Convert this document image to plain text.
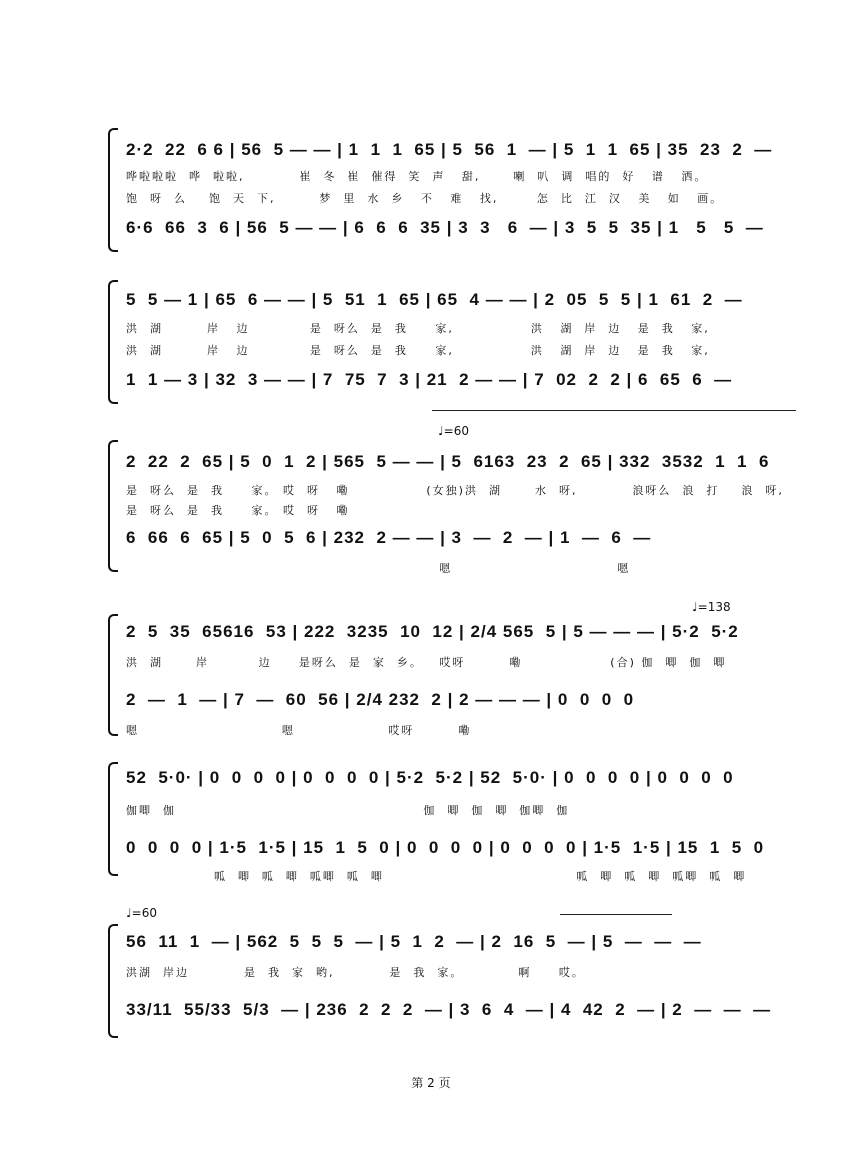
2·2  22  6 6 | 56  5 — — | 1  1  1  65 | 5  56  1  — | 5  1  1  65 | 35  23  2  —
哗啦啦啦  哗  啦啦,          崔  冬  崔  催得  笑  声   甜,      喇  叭  调  唱的  好   谱   洒。
饱  呀  么    饱  天  下,        梦  里  水  乡   不   难   找,       怎  比  江  汉   美   如   画。
6·6  66  3  6 | 56  5 — — | 6  6  6  35 | 3  3   6  — | 3  5  5  35 | 1   5   5  —
5  5 — 1 | 65  6 — — | 5  51  1  65 | 65  4 — — | 2  05  5  5 | 1  61  2  —
洪  湖        岸   边           是  呀么  是  我     家,              洪   湖  岸  边   是  我   家,
洪  湖        岸   边           是  呀么  是  我     家,              洪   湖  岸  边   是  我   家,
1  1 — 3 | 32  3 — — | 7  75  7  3 | 21  2 — — | 7  02  2  2 | 6  65  6  —
♩=60
2  22  2  65 | 5  0  1  2 | 565  5 — — | 5  6163  23  2  65 | 332  3532  1  1  6
是  呀么  是  我     家。 哎  呀   嘞              (女独)洪  湖      水  呀,          浪呀么  浪  打    浪  呀,
是  呀么  是  我     家。 哎  呀   嘞
6  66  6  65 | 5  0  5  6 | 232  2 — — | 3  —  2  — | 1  —  6  —
嗯                              嗯
♩=138
2  5  35  65616  53 | 222  3235  10  12 | 2/4 565  5 | 5 — — — | 5·2  5·2
洪  湖      岸         边     是呀么  是  家  乡。   哎呀        嘞                (合) 伽  唧  伽  唧
2  —  1  — | 7  —  60  56 | 2/4 232  2 | 2 — — — | 0  0  0  0
嗯                          嗯                 哎呀        嘞
52  5·0· | 0  0  0  0 | 0  0  0  0 | 5·2  5·2 | 52  5·0· | 0  0  0  0 | 0  0  0  0
伽唧  伽                                             伽  唧  伽  唧  伽唧  伽
0  0  0  0 | 1·5  1·5 | 15  1  5  0 | 0  0  0  0 | 0  0  0  0 | 1·5  1·5 | 15  1  5  0
呱  唧  呱  唧  呱唧  呱  唧                                   呱  唧  呱  唧  呱唧  呱  唧
♩=60
56  11  1  — | 562  5  5  5  — | 5  1  2  — | 2  16  5  — | 5  —  —  —
洪湖  岸边          是  我  家  哟,          是  我  家。          啊     哎。
33/11  55/33  5/3  — | 236  2  2  2  — | 3  6  4  — | 4  42  2  — | 2  —  —  —
第 2 页
